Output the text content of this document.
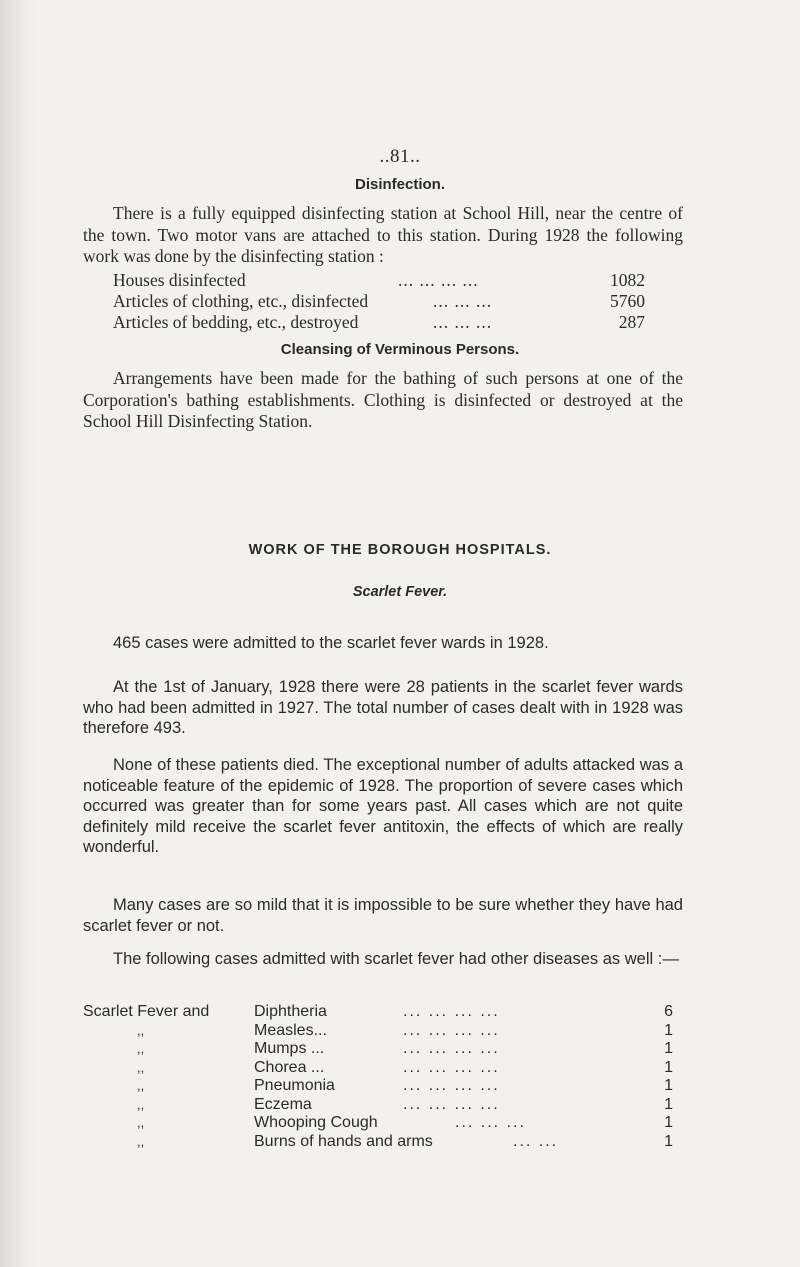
..81..
Disinfection.
There is a fully equipped disinfecting station at School Hill, near the centre of the town. Two motor vans are attached to this station. During 1928 the following work was done by the disinfecting station :
Houses disinfected	... ... ... ...	1082
Articles of clothing, etc., disinfected	... ... ...	5760
Articles of bedding, etc., destroyed	... ... ...	287
Cleansing of Verminous Persons.
Arrangements have been made for the bathing of such persons at one of the Corporation's bathing establishments. Clothing is disinfected or destroyed at the School Hill Disinfecting Station.
WORK OF THE BOROUGH HOSPITALS.
Scarlet Fever.
465 cases were admitted to the scarlet fever wards in 1928.
At the 1st of January, 1928 there were 28 patients in the scarlet fever wards who had been admitted in 1927. The total number of cases dealt with in 1928 was therefore 493.
None of these patients died. The exceptional number of adults attacked was a noticeable feature of the epidemic of 1928. The proportion of severe cases which occurred was greater than for some years past. All cases which are not quite definitely mild receive the scarlet fever antitoxin, the effects of which are really wonderful.
Many cases are so mild that it is impossible to be sure whether they have had scarlet fever or not.
The following cases admitted with scarlet fever had other diseases as well :—
Scarlet Fever and	Diphtheria	... ... ... ...	6
,,	Measles...	... ... ... ...	1
,,	Mumps ...	... ... ... ...	1
,,	Chorea ...	... ... ... ...	1
,,	Pneumonia	... ... ... ...	1
,,	Eczema	... ... ... ...	1
,,	Whooping Cough	... ... ...	1
,,	Burns of hands and arms	... ...	1
